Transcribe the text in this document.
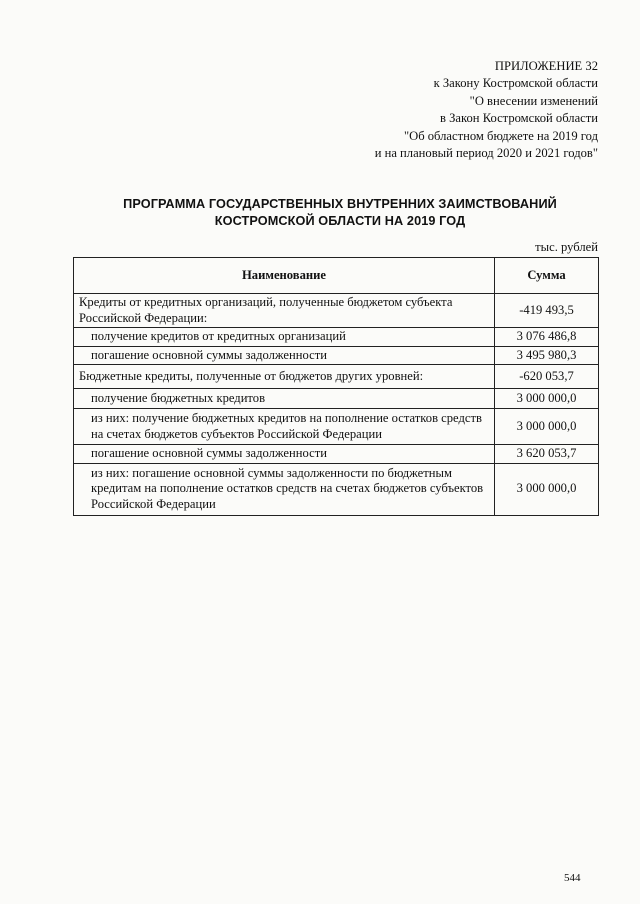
ПРИЛОЖЕНИЕ 32
к Закону Костромской области
"О внесении изменений
в Закон Костромской области
"Об областном бюджете на 2019 год
и на плановый период 2020 и 2021 годов"
ПРОГРАММА ГОСУДАРСТВЕННЫХ ВНУТРЕННИХ ЗАИМСТВОВАНИЙ
КОСТРОМСКОЙ ОБЛАСТИ НА 2019 ГОД
тыс. рублей
Наименование	Сумма
Кредиты от кредитных организаций, полученные бюджетом субъекта Российской Федерации:	-419 493,5
получение кредитов от кредитных организаций	3 076 486,8
погашение основной суммы задолженности	3 495 980,3
Бюджетные кредиты, полученные от бюджетов других уровней:	-620 053,7
получение бюджетных кредитов	3 000 000,0
из них: получение бюджетных кредитов на пополнение остатков средств на счетах бюджетов субъектов Российской Федерации	3 000 000,0
погашение основной суммы задолженности	3 620 053,7
из них: погашение основной суммы задолженности по бюджетным кредитам на пополнение остатков средств на счетах бюджетов субъектов Российской Федерации	3 000 000,0
544
